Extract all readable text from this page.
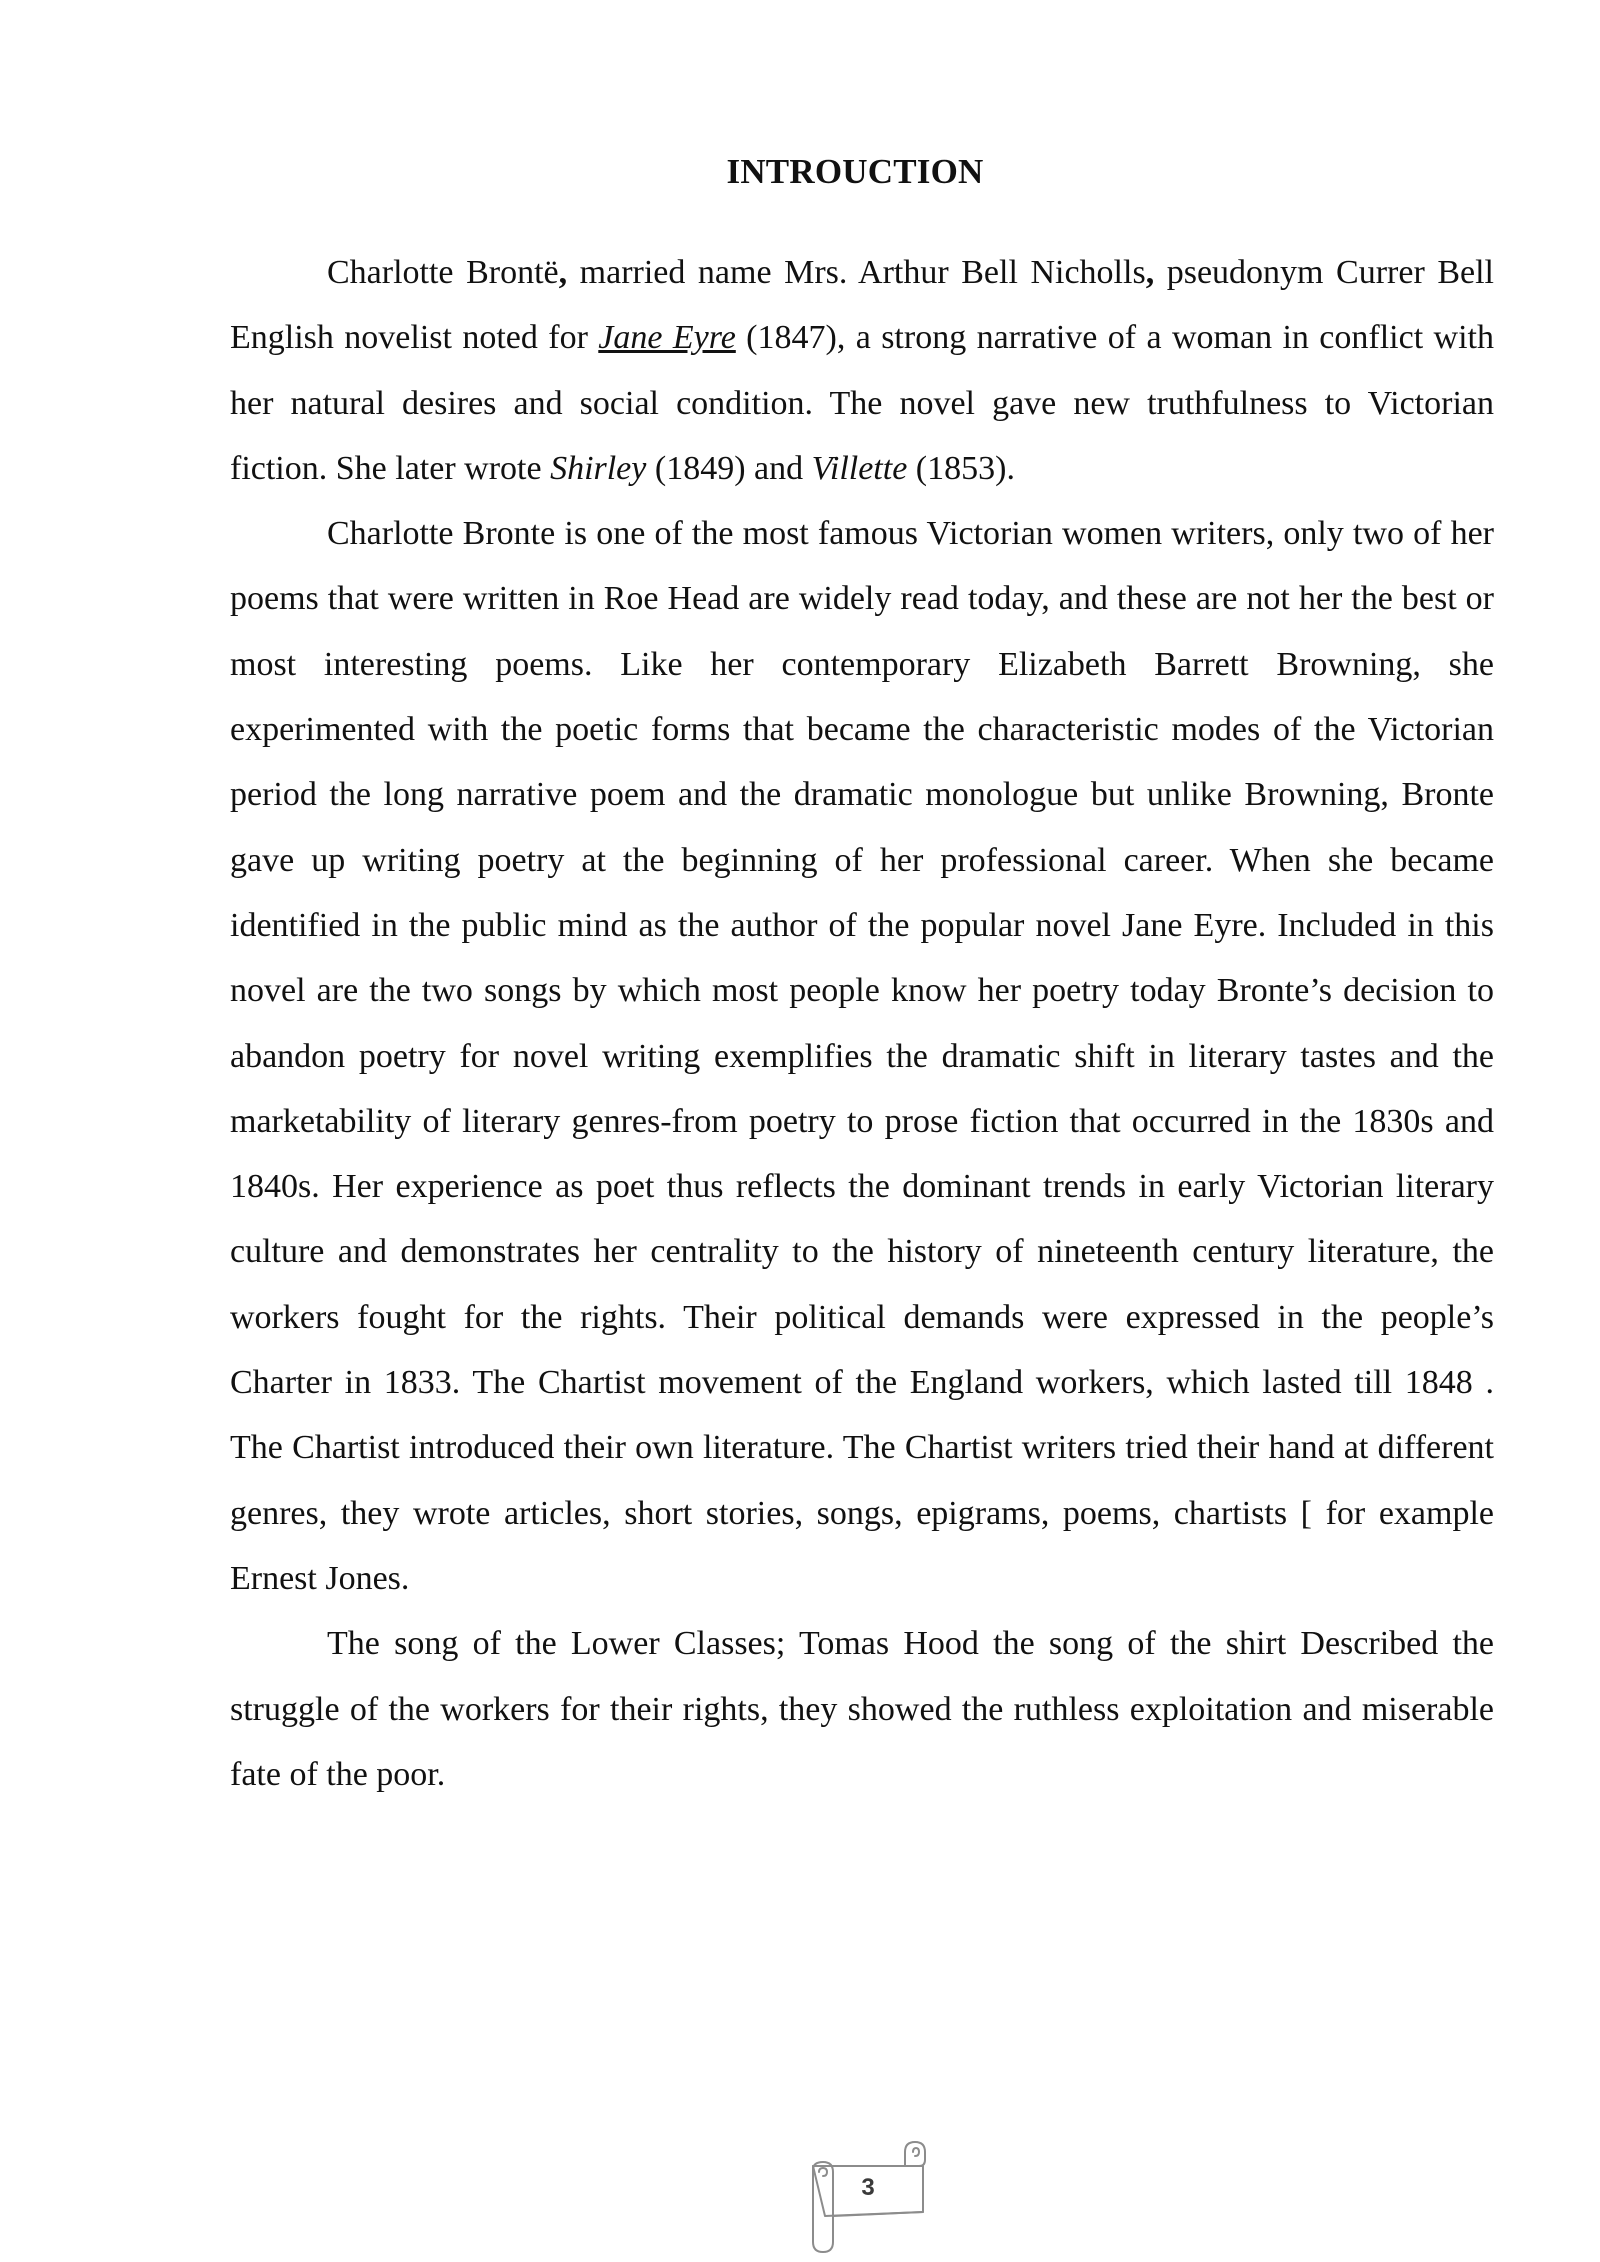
INTROUCTION

Charlotte Brontë, married name Mrs. Arthur Bell Nicholls, pseudonym Currer Bell English novelist noted for Jane Eyre (1847), a strong narrative of a woman in conflict with her natural desires and social condition. The novel gave new truthfulness to Victorian fiction. She later wrote Shirley (1849) and Villette (1853).

Charlotte Bronte is one of the most famous Victorian women writers, only two of her poems that were written in Roe Head are widely read today, and these are not her the best or most interesting poems. Like her contemporary Elizabeth Barrett Browning, she experimented with the poetic forms that became the characteristic modes of the Victorian period the long narrative poem and the dramatic monologue but unlike Browning, Bronte gave up writing poetry at the beginning of her professional career. When she became identified in the public mind as the author of the popular novel Jane Eyre. Included in this novel are the two songs by which most people know her poetry today Bronte’s decision to abandon poetry for novel writing exemplifies the dramatic shift in literary tastes and the marketability of literary genres-from poetry to prose fiction that occurred in the 1830s and 1840s. Her experience as poet thus reflects the dominant trends in early Victorian literary culture and demonstrates her centrality to the history of nineteenth century literature, the workers fought for the rights. Their political demands were expressed in the people’s Charter in 1833. The Chartist movement of the England workers, which lasted till 1848 . The Chartist introduced their own literature. The Chartist writers tried their hand at different genres, they wrote articles, short stories, songs, epigrams, poems, chartists [ for example Ernest Jones.

The song of the Lower Classes; Tomas Hood the song of the shirt Described the struggle of the workers for their rights, they showed the ruthless exploitation and miserable fate of the poor.

3
